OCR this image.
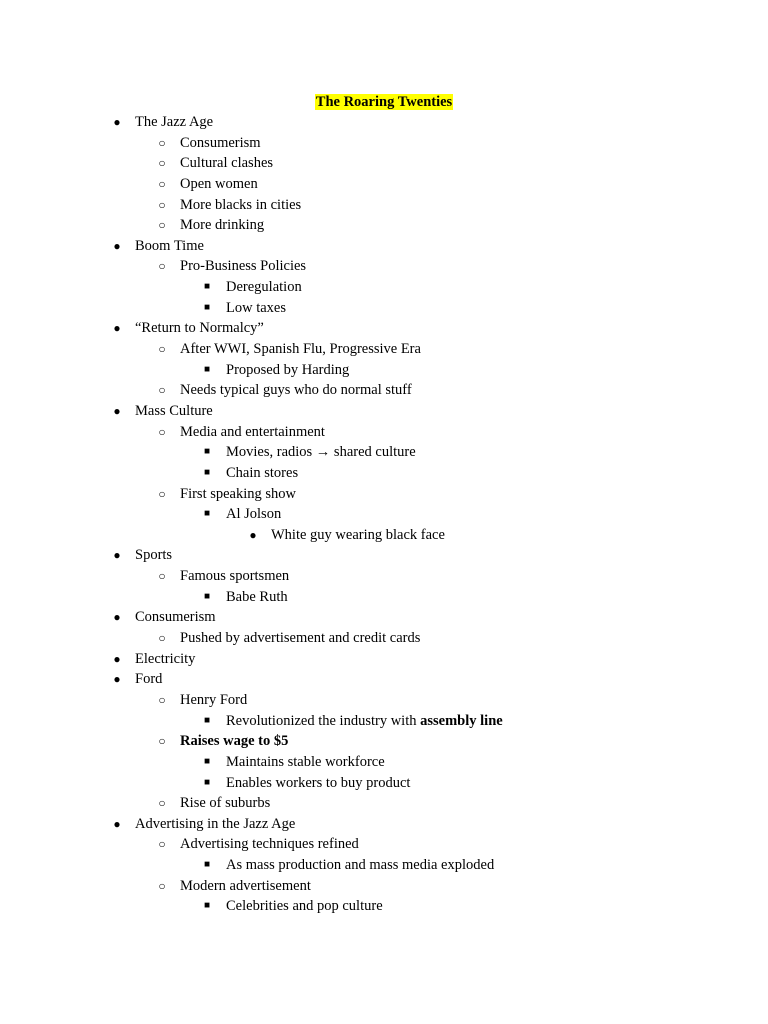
The Roaring Twenties
● The Jazz Age
○ Consumerism
○ Cultural clashes
○ Open women
○ More blacks in cities
○ More drinking
● Boom Time
○ Pro-Business Policies
■ Deregulation
■ Low taxes
● “Return to Normalcy”
○ After WWI, Spanish Flu, Progressive Era
■ Proposed by Harding
○ Needs typical guys who do normal stuff
● Mass Culture
○ Media and entertainment
■ Movies, radios → shared culture
■ Chain stores
○ First speaking show
■ Al Jolson
● White guy wearing black face
● Sports
○ Famous sportsmen
■ Babe Ruth
● Consumerism
○ Pushed by advertisement and credit cards
● Electricity
● Ford
○ Henry Ford
■ Revolutionized the industry with assembly line
○ Raises wage to $5
■ Maintains stable workforce
■ Enables workers to buy product
○ Rise of suburbs
● Advertising in the Jazz Age
○ Advertising techniques refined
■ As mass production and mass media exploded
○ Modern advertisement
■ Celebrities and pop culture
